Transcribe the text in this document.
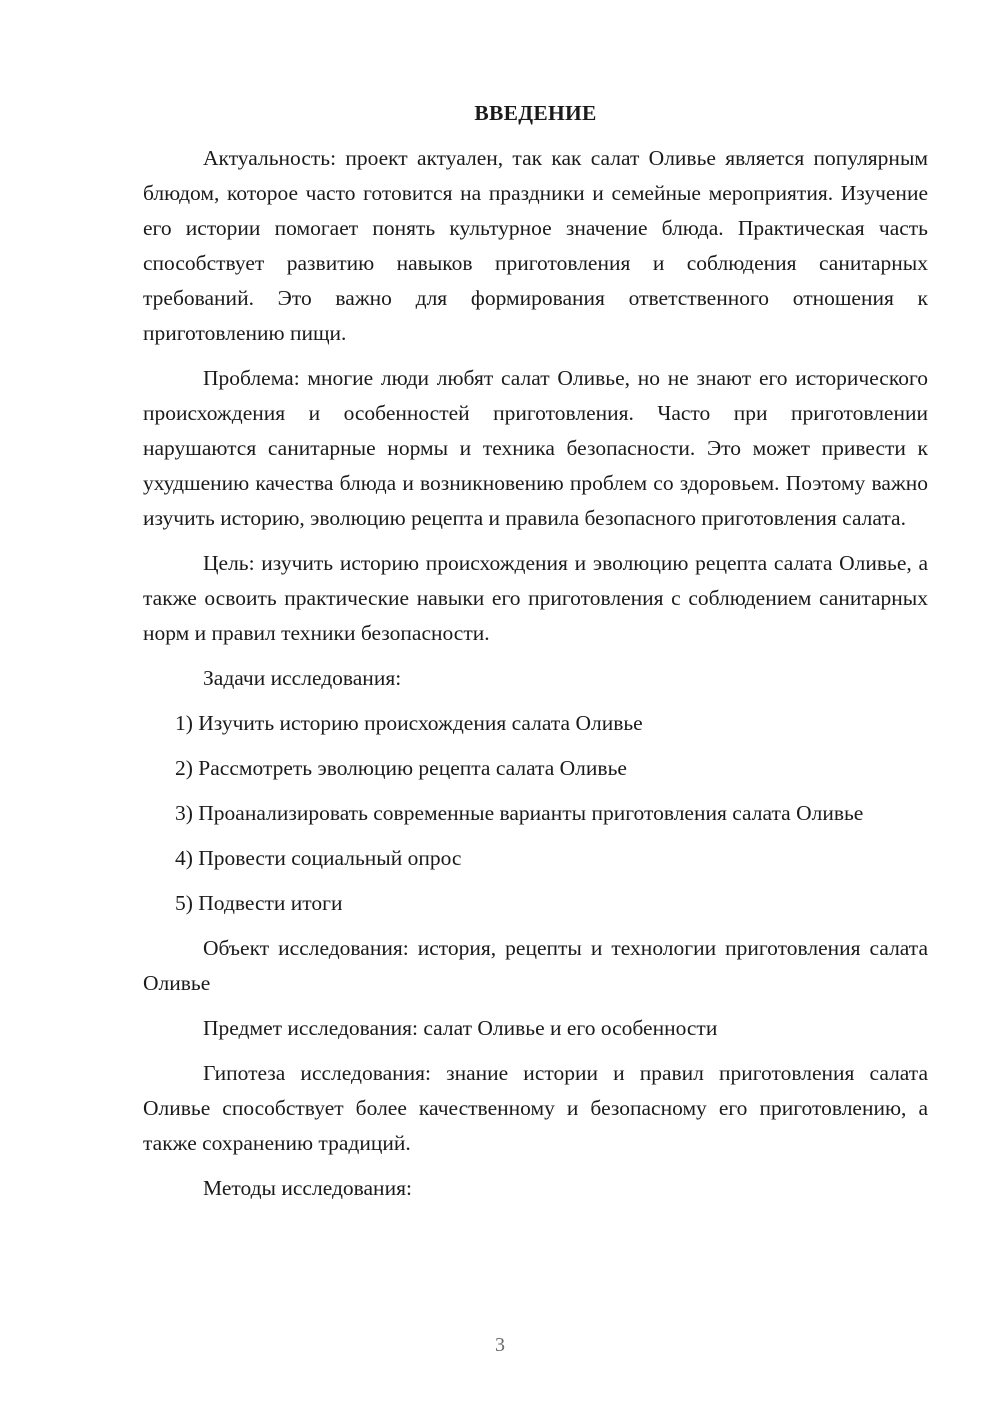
ВВЕДЕНИЕ

Актуальность: проект актуален, так как салат Оливье является популярным блюдом, которое часто готовится на праздники и семейные мероприятия. Изучение его истории помогает понять культурное значение блюда. Практическая часть способствует развитию навыков приготовления и соблюдения санитарных требований. Это важно для формирования ответственного отношения к приготовлению пищи.

Проблема: многие люди любят салат Оливье, но не знают его исторического происхождения и особенностей приготовления. Часто при приготовлении нарушаются санитарные нормы и техника безопасности. Это может привести к ухудшению качества блюда и возникновению проблем со здоровьем. Поэтому важно изучить историю, эволюцию рецепта и правила безопасного приготовления салата.

Цель: изучить историю происхождения и эволюцию рецепта салата Оливье, а также освоить практические навыки его приготовления с соблюдением санитарных норм и правил техники безопасности.

Задачи исследования:

1) Изучить историю происхождения салата Оливье

2) Рассмотреть эволюцию рецепта салата Оливье

3) Проанализировать современные варианты приготовления салата Оливье

4) Провести социальный опрос

5) Подвести итоги

Объект исследования: история, рецепты и технологии приготовления салата Оливье

Предмет исследования: салат Оливье и его особенности

Гипотеза исследования: знание истории и правил приготовления салата Оливье способствует более качественному и безопасному его приготовлению, а также сохранению традиций.

Методы исследования:

3
